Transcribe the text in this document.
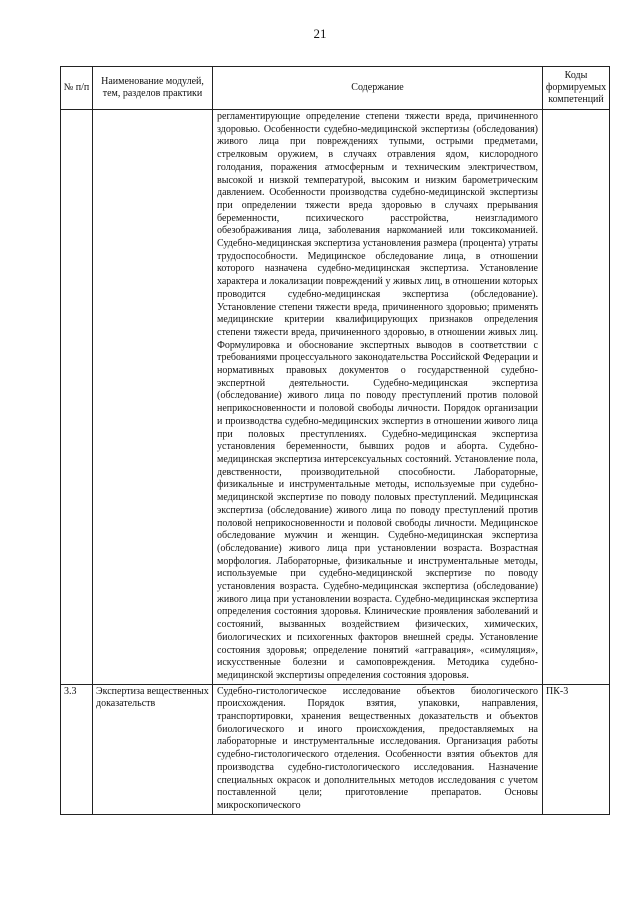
21
№ п/п	Наименование модулей, тем, разделов практики	Содержание	Коды формируемых компетенций

		регламентирующие определение степени тяжести вреда, причиненного здоровью. Особенности судебно-медицинской экспертизы (обследования) живого лица при повреждениях тупыми, острыми предметами, стрелковым оружием, в случаях отравления ядом, кислородного голодания, поражения атмосферным и техническим электричеством, высокой и низкой температурой, высоким и низким барометрическим давлением. Особенности производства судебно-медицинской экспертизы при определении тяжести вреда здоровью в случаях прерывания беременности, психического расстройства, неизгладимого обезображивания лица, заболевания наркоманией или токсикоманией. Судебно-медицинская экспертиза установления размера (процента) утраты трудоспособности. Медицинское обследование лица, в отношении которого назначена судебно-медицинская экспертиза. Установление характера и локализации повреждений у живых лиц, в отношении которых проводится судебно-медицинская экспертиза (обследование). Установление степени тяжести вреда, причиненного здоровью; применять медицинские критерии квалифицирующих признаков определения степени тяжести вреда, причиненного здоровью, в отношении живых лиц. Формулировка и обоснование экспертных выводов в соответствии с требованиями процессуального законодательства Российской Федерации и нормативных правовых документов о государственной судебно-экспертной деятельности. Судебно-медицинская экспертиза (обследование) живого лица по поводу преступлений против половой неприкосновенности и половой свободы личности. Порядок организации и производства судебно-медицинских экспертиз в отношении живого лица при половых преступлениях. Судебно-медицинская экспертиза установления беременности, бывших родов и аборта. Судебно-медицинская экспертиза интерсексуальных состояний. Установление пола, девственности, производительной способности. Лабораторные, физикальные и инструментальные методы, используемые при судебно-медицинской экспертизе по поводу половых преступлений. Медицинская экспертиза (обследование) живого лица по поводу преступлений против половой неприкосновенности и половой свободы личности. Медицинское обследование мужчин и женщин. Судебно-медицинская экспертиза (обследование) живого лица при установлении возраста. Возрастная морфология. Лабораторные, физикальные и инструментальные методы, используемые при судебно-медицинской экспертизе по поводу установления возраста. Судебно-медицинская экспертиза (обследование) живого лица при установлении возраста. Судебно-медицинская экспертиза определения состояния здоровья. Клинические проявления заболеваний и состояний, вызванных воздействием физических, химических, биологических и психогенных факторов внешней среды. Установление состояния здоровья; определение понятий «аггравация», «симуляция», искусственные болезни и самоповреждения. Методика судебно-медицинской экспертизы определения состояния здоровья.	

3.3	Экспертиза вещественных доказательств	Судебно-гистологическое исследование объектов биологического происхождения. Порядок взятия, упаковки, направления, транспортировки, хранения вещественных доказательств и объектов биологического и иного происхождения, предоставляемых на лабораторные и инструментальные исследования. Организация работы судебно-гистологического отделения. Особенности взятия объектов для производства судебно-гистологического исследования. Назначение специальных окрасок и дополнительных методов исследования с учетом поставленной цели; приготовление препаратов. Основы микроскопического	ПК-3
